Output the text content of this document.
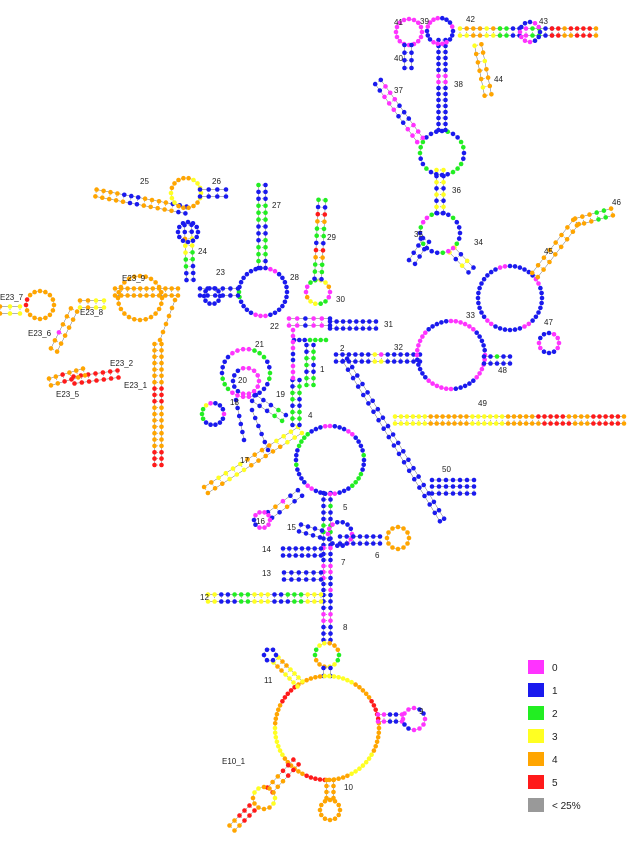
41 39	42	43
40
44
38
37
36
35
34
46
45
25	26
27
24
29
23
28
30
E23_9
E23_7
E23_8
E23_6
22	31
33
47
2	32
1	48
E23_2
E23_1
E23_5
21
20
18
19
49
4
17
50
5
16
15
6
14
7
13
12
8
11
9
E10_1
10
0
1
2
3
4
5
< 25%
